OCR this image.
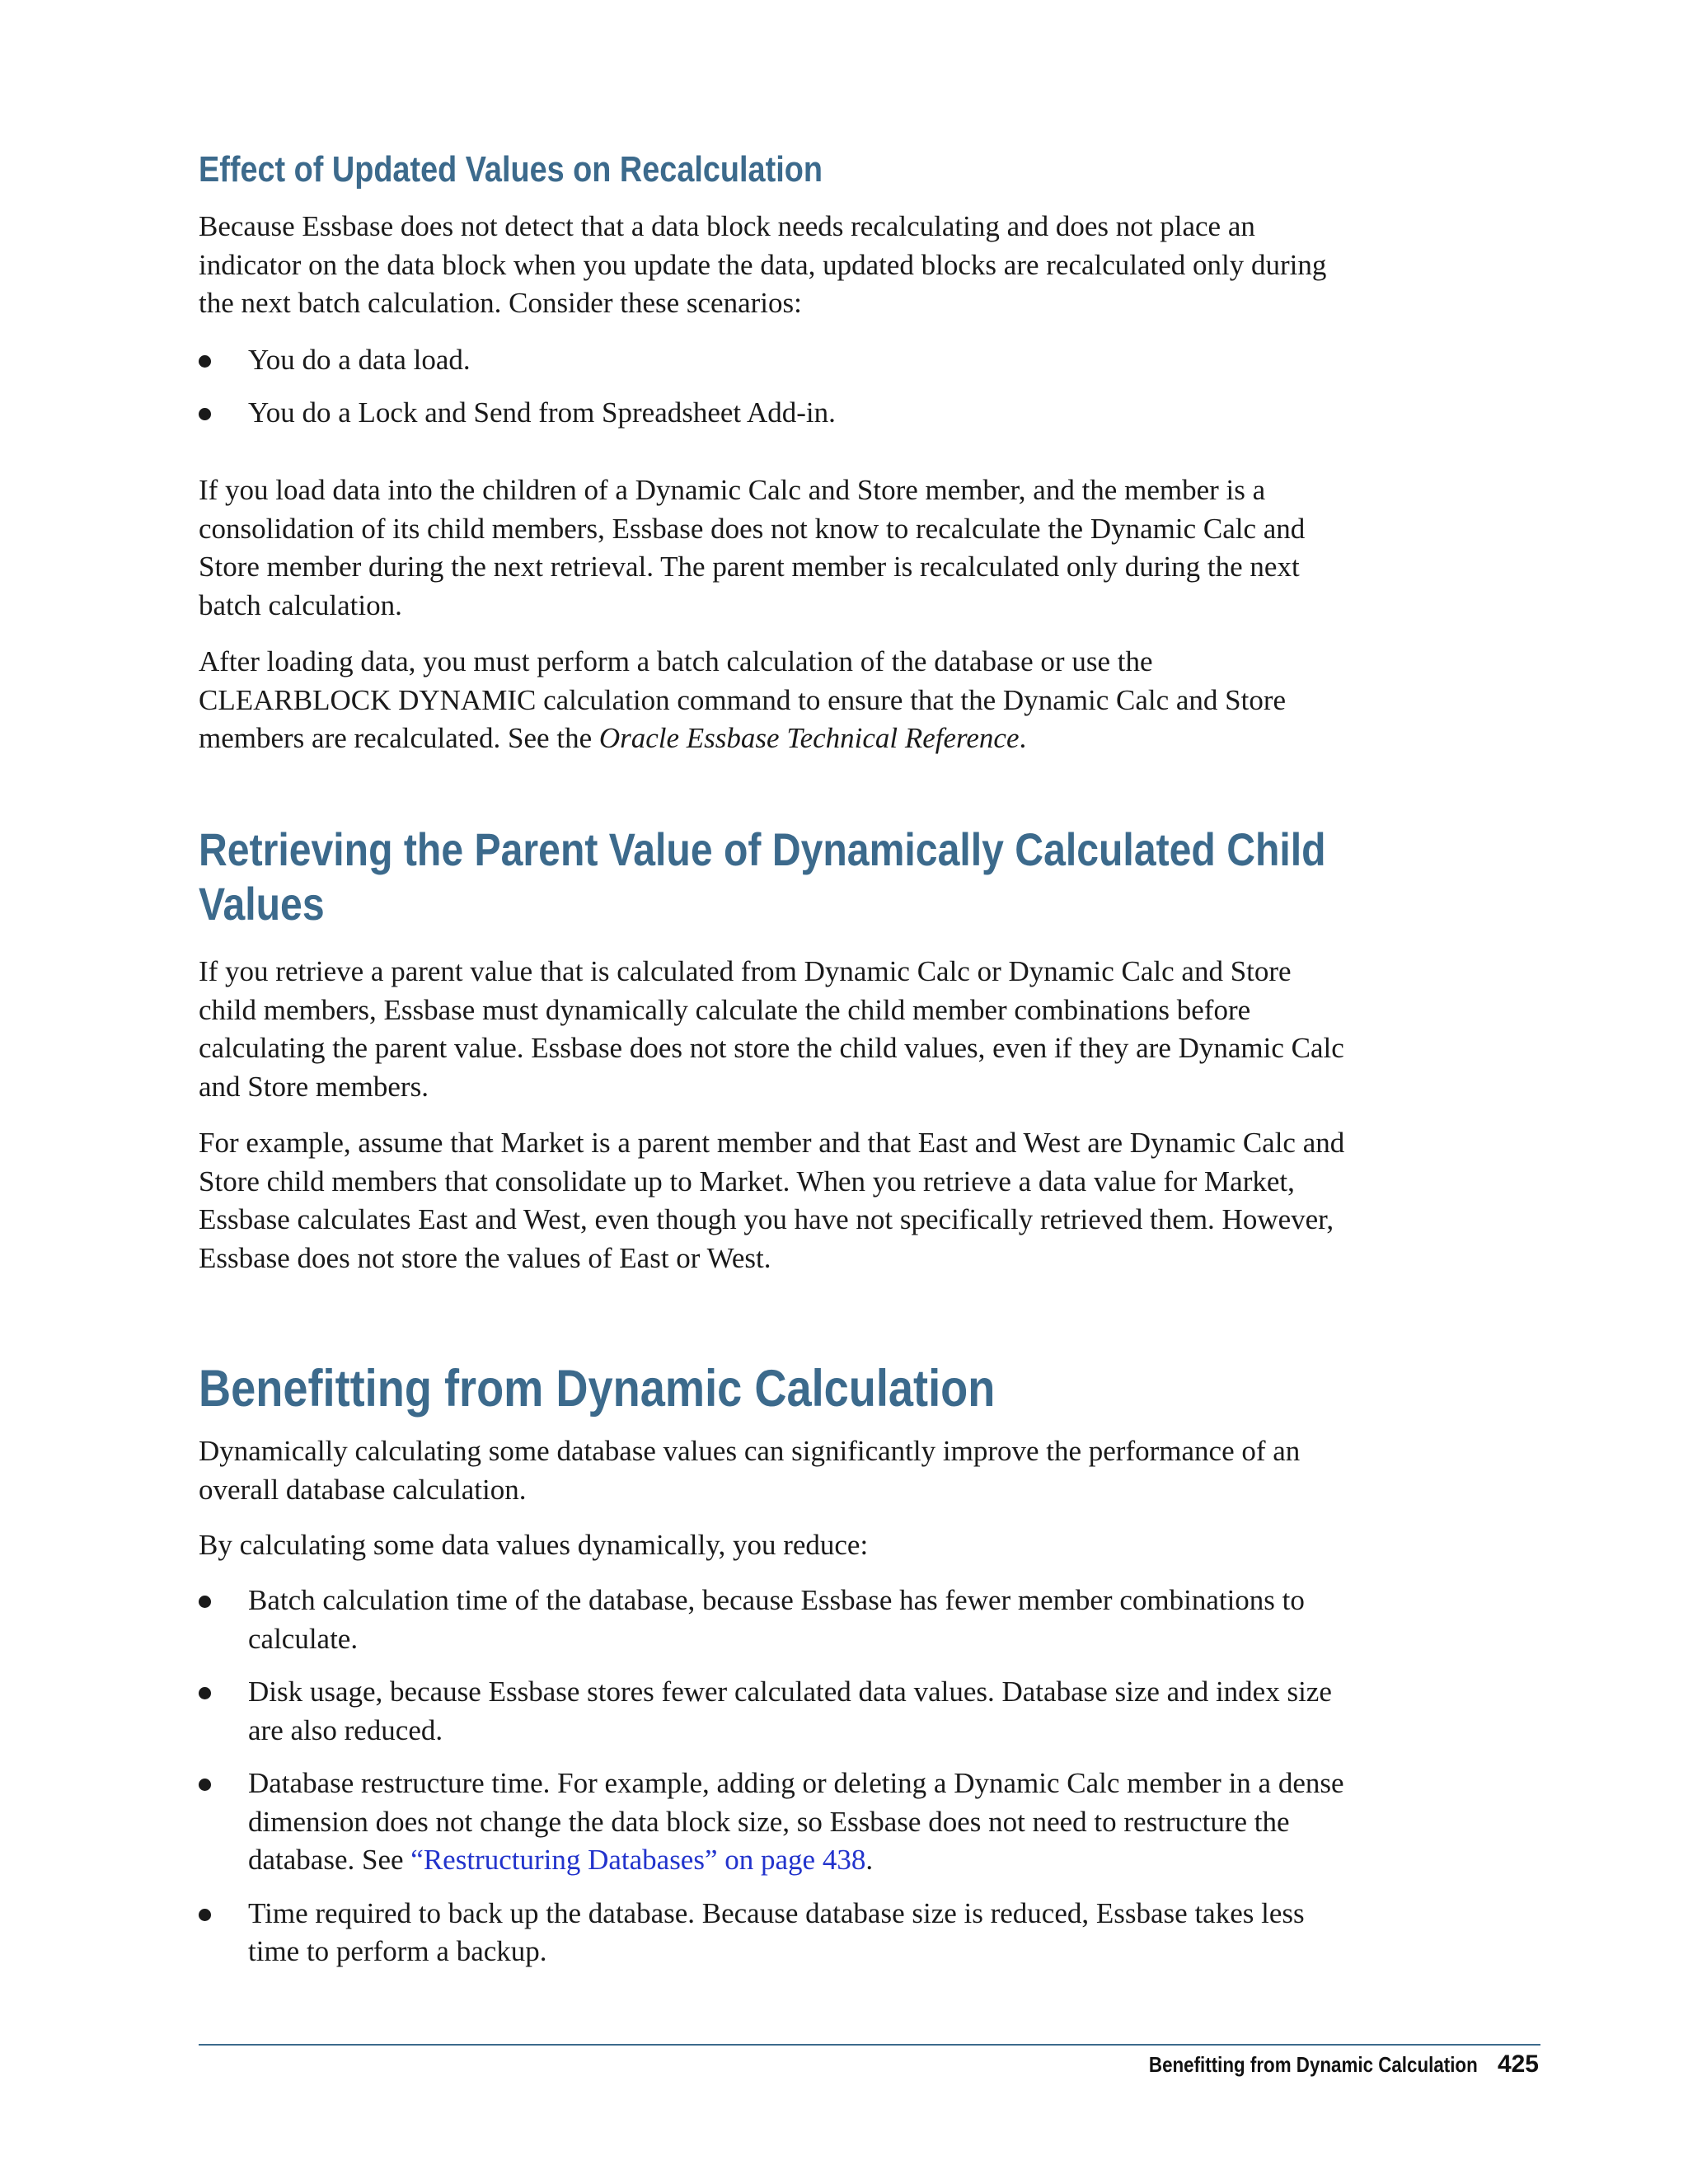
Effect of Updated Values on Recalculation

Because Essbase does not detect that a data block needs recalculating and does not place an indicator on the data block when you update the data, updated blocks are recalculated only during the next batch calculation. Consider these scenarios:

You do a data load.
You do a Lock and Send from Spreadsheet Add-in.

If you load data into the children of a Dynamic Calc and Store member, and the member is a consolidation of its child members, Essbase does not know to recalculate the Dynamic Calc and Store member during the next retrieval. The parent member is recalculated only during the next batch calculation.

After loading data, you must perform a batch calculation of the database or use the CLEARBLOCK DYNAMIC calculation command to ensure that the Dynamic Calc and Store members are recalculated. See the Oracle Essbase Technical Reference.

Retrieving the Parent Value of Dynamically Calculated Child
Values

If you retrieve a parent value that is calculated from Dynamic Calc or Dynamic Calc and Store child members, Essbase must dynamically calculate the child member combinations before calculating the parent value. Essbase does not store the child values, even if they are Dynamic Calc and Store members.

For example, assume that Market is a parent member and that East and West are Dynamic Calc and Store child members that consolidate up to Market. When you retrieve a data value for Market, Essbase calculates East and West, even though you have not specifically retrieved them. However, Essbase does not store the values of East or West.

Benefitting from Dynamic Calculation

Dynamically calculating some database values can significantly improve the performance of an overall database calculation.

By calculating some data values dynamically, you reduce:

Batch calculation time of the database, because Essbase has fewer member combinations to calculate.
Disk usage, because Essbase stores fewer calculated data values. Database size and index size are also reduced.
Database restructure time. For example, adding or deleting a Dynamic Calc member in a dense dimension does not change the data block size, so Essbase does not need to restructure the database. See “Restructuring Databases” on page 438.
Time required to back up the database. Because database size is reduced, Essbase takes less time to perform a backup.
Benefitting from Dynamic Calculation 425
